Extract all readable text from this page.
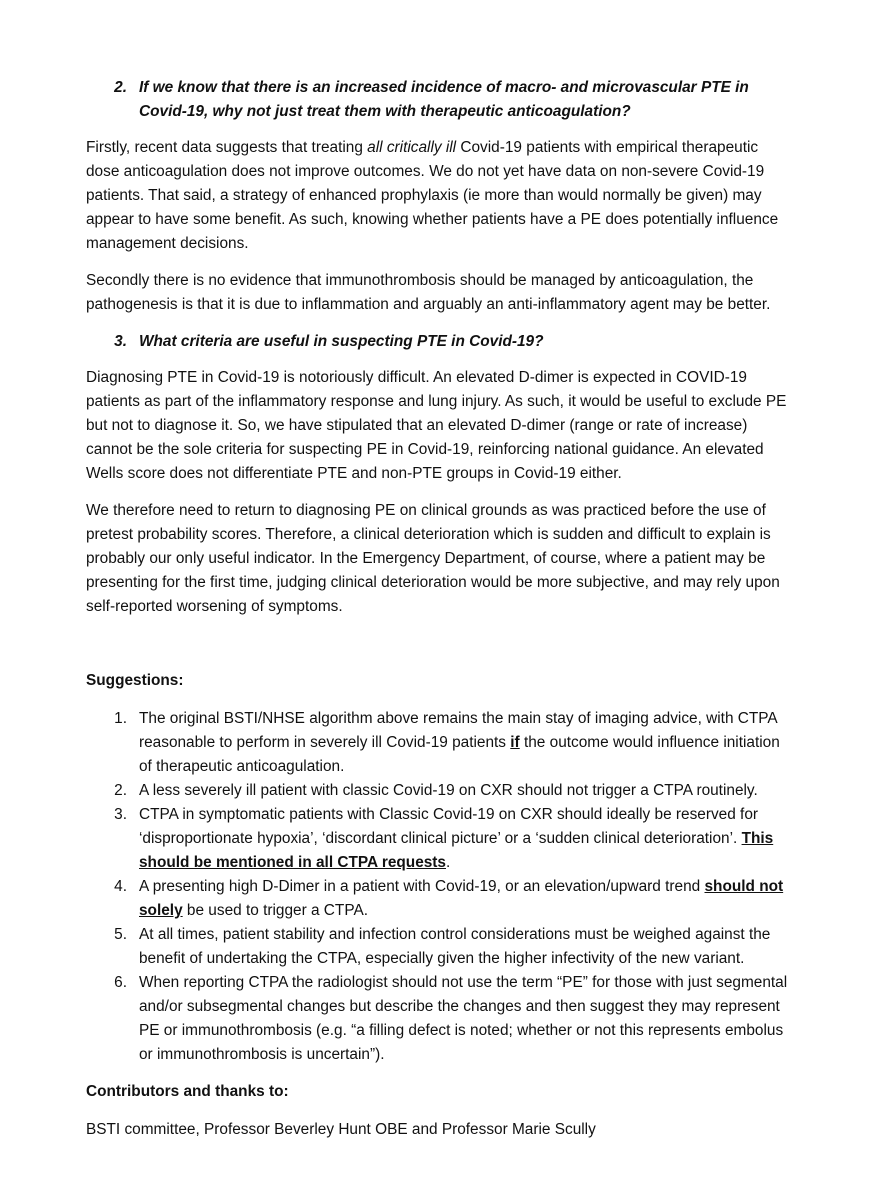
2. If we know that there is an increased incidence of macro- and microvascular PTE in Covid-19, why not just treat them with therapeutic anticoagulation?

Firstly, recent data suggests that treating all critically ill Covid-19 patients with empirical therapeutic dose anticoagulation does not improve outcomes. We do not yet have data on non-severe Covid-19 patients. That said, a strategy of enhanced prophylaxis (ie more than would normally be given) may appear to have some benefit. As such, knowing whether patients have a PE does potentially influence management decisions.

Secondly there is no evidence that immunothrombosis should be managed by anticoagulation, the pathogenesis is that it is due to inflammation and arguably an anti-inflammatory agent may be better.

3. What criteria are useful in suspecting PTE in Covid-19?

Diagnosing PTE in Covid-19 is notoriously difficult. An elevated D-dimer is expected in COVID-19 patients as part of the inflammatory response and lung injury. As such, it would be useful to exclude PE but not to diagnose it. So, we have stipulated that an elevated D-dimer (range or rate of increase) cannot be the sole criteria for suspecting PE in Covid-19, reinforcing national guidance. An elevated Wells score does not differentiate PTE and non-PTE groups in Covid-19 either.

We therefore need to return to diagnosing PE on clinical grounds as was practiced before the use of pretest probability scores. Therefore, a clinical deterioration which is sudden and difficult to explain is probably our only useful indicator. In the Emergency Department, of course, where a patient may be presenting for the first time, judging clinical deterioration would be more subjective, and may rely upon self-reported worsening of symptoms.

Suggestions:
1. The original BSTI/NHSE algorithm above remains the main stay of imaging advice, with CTPA reasonable to perform in severely ill Covid-19 patients if the outcome would influence initiation of therapeutic anticoagulation.
2. A less severely ill patient with classic Covid-19 on CXR should not trigger a CTPA routinely.
3. CTPA in symptomatic patients with Classic Covid-19 on CXR should ideally be reserved for ‘disproportionate hypoxia’, ‘discordant clinical picture’ or a ‘sudden clinical deterioration’. This should be mentioned in all CTPA requests.
4. A presenting high D-Dimer in a patient with Covid-19, or an elevation/upward trend should not solely be used to trigger a CTPA.
5. At all times, patient stability and infection control considerations must be weighed against the benefit of undertaking the CTPA, especially given the higher infectivity of the new variant.
6. When reporting CTPA the radiologist should not use the term “PE” for those with just segmental and/or subsegmental changes but describe the changes and then suggest they may represent PE or immunothrombosis (e.g. “a filling defect is noted; whether or not this represents embolus or immunothrombosis is uncertain”).
Contributors and thanks to:

BSTI committee, Professor Beverley Hunt OBE and Professor Marie Scully
